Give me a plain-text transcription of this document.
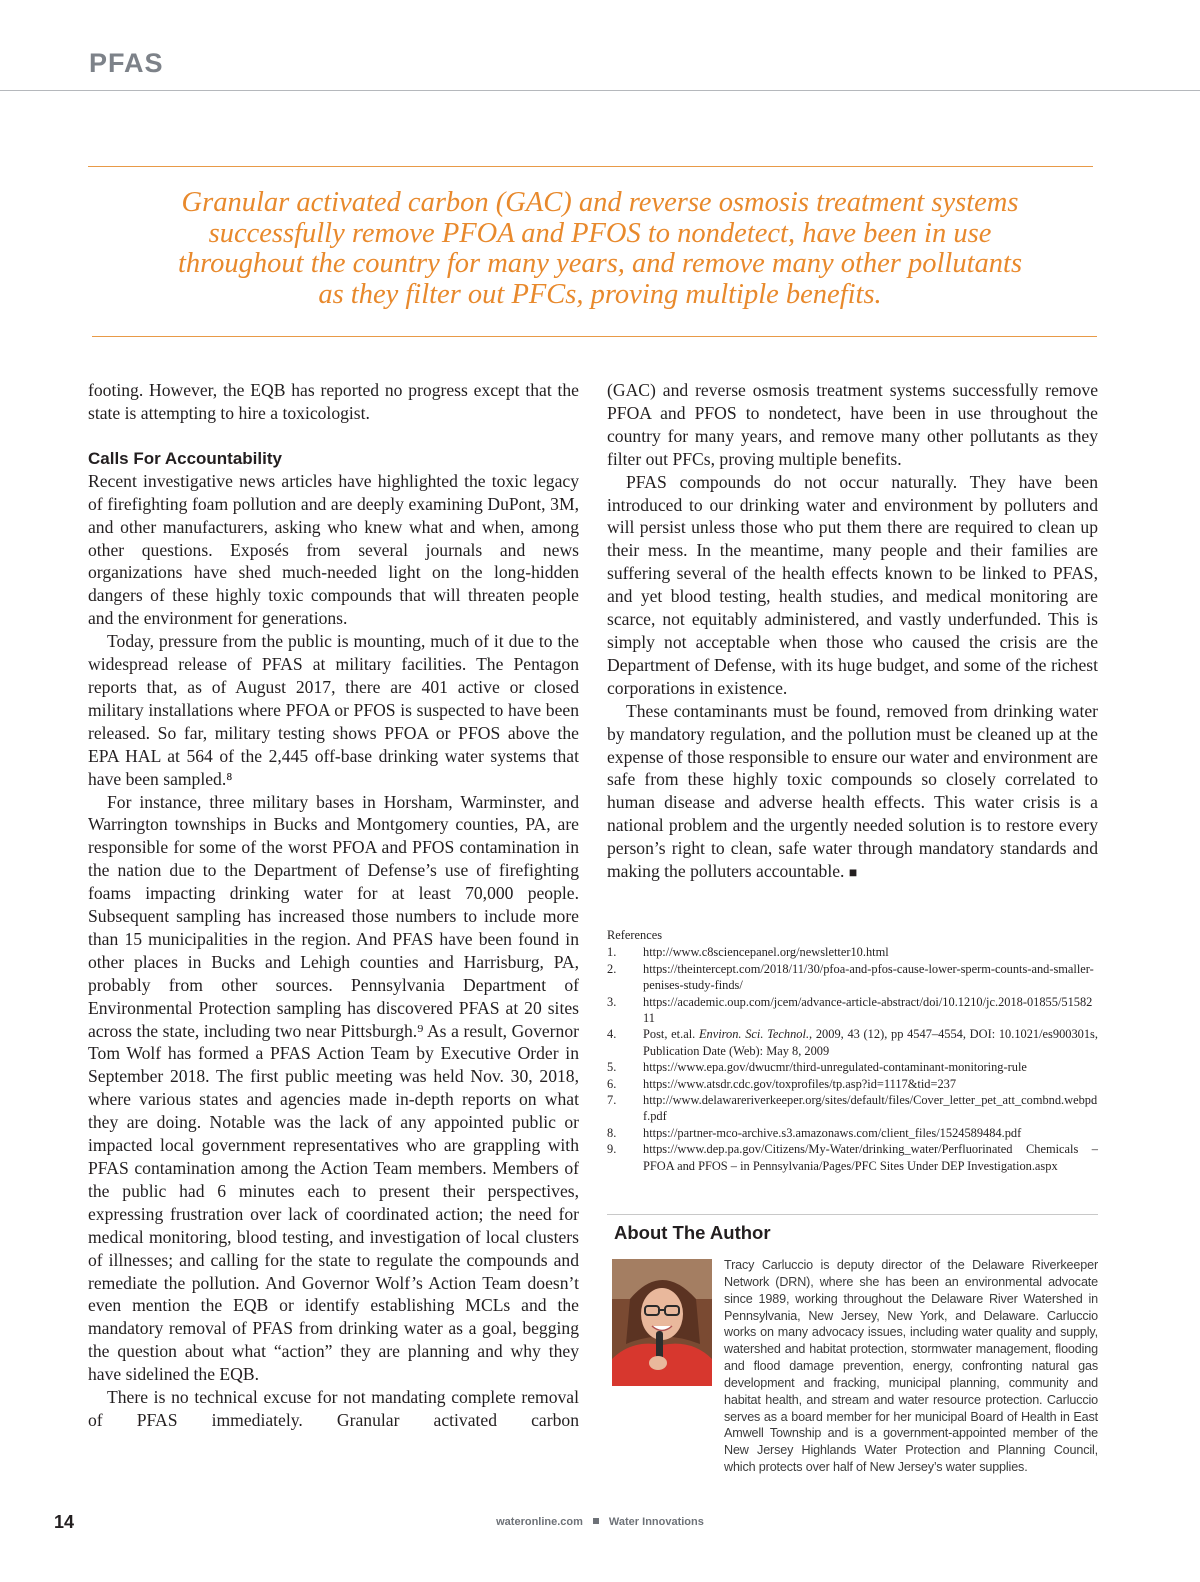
PFAS
Granular activated carbon (GAC) and reverse osmosis treatment systems
successfully remove PFOA and PFOS to nondetect, have been in use
throughout the country for many years, and remove many other pollutants
as they filter out PFCs, proving multiple benefits.

footing. However, the EQB has reported no progress except that the state is attempting to hire a toxicologist.

Calls For Accountability

Recent investigative news articles have highlighted the toxic legacy of firefighting foam pollution and are deeply examining DuPont, 3M, and other manufacturers, asking who knew what and when, among other questions. Exposés from several journals and news organizations have shed much-needed light on the long-hidden dangers of these highly toxic compounds that will threaten people and the environment for generations.

Today, pressure from the public is mounting, much of it due to the widespread release of PFAS at military facilities. The Pentagon reports that, as of August 2017, there are 401 active or closed military installations where PFOA or PFOS is suspected to have been released. So far, military testing shows PFOA or PFOS above the EPA HAL at 564 of the 2,445 off-base drinking water systems that have been sampled.⁸

For instance, three military bases in Horsham, Warminster, and Warrington townships in Bucks and Montgomery counties, PA, are responsible for some of the worst PFOA and PFOS contamination in the nation due to the Department of Defense’s use of firefighting foams impacting drinking water for at least 70,000 people. Subsequent sampling has increased those numbers to include more than 15 municipalities in the region. And PFAS have been found in other places in Bucks and Lehigh counties and Harrisburg, PA, probably from other sources. Pennsylvania Department of Environmental Protection sampling has discovered PFAS at 20 sites across the state, including two near Pittsburgh.⁹ As a result, Governor Tom Wolf has formed a PFAS Action Team by Executive Order in September 2018. The first public meeting was held Nov. 30, 2018, where various states and agencies made in-depth reports on what they are doing. Notable was the lack of any appointed public or impacted local government representatives who are grappling with PFAS contamination among the Action Team members. Members of the public had 6 minutes each to present their perspectives, expressing frustration over lack of coordinated action; the need for medical monitoring, blood testing, and investigation of local clusters of illnesses; and calling for the state to regulate the compounds and remediate the pollution. And Governor Wolf’s Action Team doesn’t even mention the EQB or identify establishing MCLs and the mandatory removal of PFAS from drinking water as a goal, begging the question about what “action” they are planning and why they have sidelined the EQB.

There is no technical excuse for not mandating complete removal of PFAS immediately. Granular activated carbon

(GAC) and reverse osmosis treatment systems successfully remove PFOA and PFOS to nondetect, have been in use throughout the country for many years, and remove many other pollutants as they filter out PFCs, proving multiple benefits.

PFAS compounds do not occur naturally. They have been introduced to our drinking water and environment by polluters and will persist unless those who put them there are required to clean up their mess. In the meantime, many people and their families are suffering several of the health effects known to be linked to PFAS, and yet blood testing, health studies, and medical monitoring are scarce, not equitably administered, and vastly underfunded. This is simply not acceptable when those who caused the crisis are the Department of Defense, with its huge budget, and some of the richest corporations in existence.

These contaminants must be found, removed from drinking water by mandatory regulation, and the pollution must be cleaned up at the expense of those responsible to ensure our water and environment are safe from these highly toxic compounds so closely correlated to human disease and adverse health effects. This water crisis is a national problem and the urgently needed solution is to restore every person’s right to clean, safe water through mandatory standards and making the polluters accountable. ■

References

1.	http://www.c8sciencepanel.org/newsletter10.html
2.	https://theintercept.com/2018/11/30/pfoa-and-pfos-cause-lower-sperm-counts-and-smaller-penises-study-finds/
3.	https://academic.oup.com/jcem/advance-article-abstract/doi/10.1210/jc.2018-01855/5158211
4.	Post, et.al. Environ. Sci. Technol., 2009, 43 (12), pp 4547–4554, DOI: 10.1021/es900301s, Publication Date (Web): May 8, 2009
5.	https://www.epa.gov/dwucmr/third-unregulated-contaminant-monitoring-rule
6.	https://www.atsdr.cdc.gov/toxprofiles/tp.asp?id=1117&tid=237
7.	http://www.delawareriverkeeper.org/sites/default/files/Cover_letter_pet_att_combnd.webpdf.pdf
8.	https://partner-mco-archive.s3.amazonaws.com/client_files/1524589484.pdf
9.	https://www.dep.pa.gov/Citizens/My-Water/drinking_water/Perfluorinated Chemicals –PFOA and PFOS – in Pennsylvania/Pages/PFC Sites Under DEP Investigation.aspx
About The Author
Tracy Carluccio is deputy director of the Delaware Riverkeeper Network (DRN), where she has been an environmental advocate since 1989, working throughout the Delaware River Watershed in Pennsylvania, New Jersey, New York, and Delaware. Carluccio works on many advocacy issues, including water quality and supply, watershed and habitat protection, stormwater management, flooding and flood damage prevention, energy, confronting natural gas development and fracking, municipal planning, community and habitat health, and stream and water resource protection. Carluccio serves as a board member for her municipal Board of Health in East Amwell Township and is a government-appointed member of the New Jersey Highlands Water Protection and Planning Council, which protects over half of New Jersey’s water supplies.
14	wateronline.com Water Innovations
